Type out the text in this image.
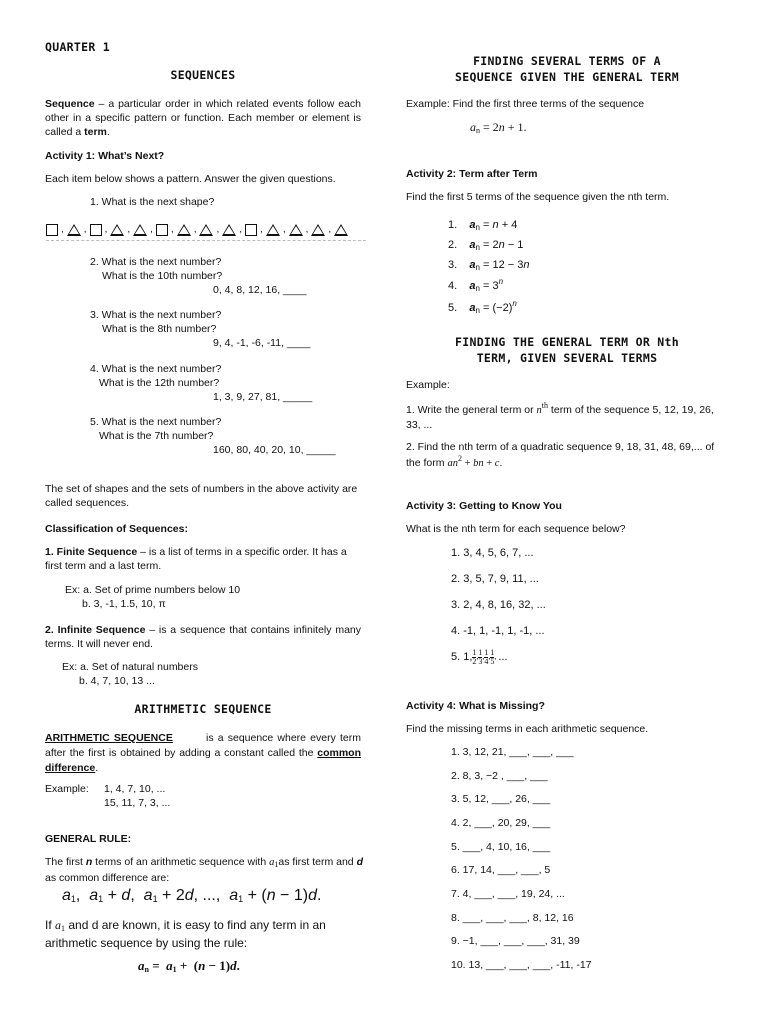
QUARTER 1
SEQUENCES
Sequence – a particular order in which related events follow each other in a specific pattern or function. Each member or element is called a term.
Activity 1: What’s Next?
Each item below shows a pattern. Answer the given questions.
1. What is the next shape?
, , , , , , , , , , , , ,
2. What is the next number?
What is the 10th number?
0, 4, 8, 12, 16, ____
3. What is the next number?
What is the 8th number?
9, 4, -1, -6, -11, ____
4. What is the next number?
What is the 12th number?
1, 3, 9, 27, 81, _____
5. What is the next number?
What is the 7th number?
160, 80, 40, 20, 10, _____
The set of shapes and the sets of numbers in the above activity are called sequences.
Classification of Sequences:
1. Finite Sequence – is a list of terms in a specific order. It has a first term and a last term.
Ex: a. Set of prime numbers below 10
b. 3, -1, 1.5, 10, π
2. Infinite Sequence – is a sequence that contains infinitely many terms. It will never end.
Ex: a. Set of natural numbers
b. 4, 7, 10, 13 ...
ARITHMETIC SEQUENCE
ARITHMETIC SEQUENCE	is a sequence where every term after the first is obtained by adding a constant called the common difference.
Example: 1, 4, 7, 10, ...
15, 11, 7, 3, ...
GENERAL RULE:
The first n terms of an arithmetic sequence with $a_1as$ first term and d as common difference are:
$a_1$,  $a_1 + d$,  $a_1 + 2d$, ...,  $a_1 + (n - 1)d$.
If $a_1$ and d are known, it is easy to find any term in an arithmetic sequence by using the rule:
$a_n = a_1 + (n - 1)d$.
FINDING SEVERAL TERMS OF A
SEQUENCE GIVEN THE GENERAL TERM
Example: Find the first three terms of the sequence
$a_n = 2n + 1$.
Activity 2: Term after Term
Find the first 5 terms of the sequence given the nth term.
1.    $a_n = n + 4$
2.    $a_n = 2n - 1$
3.    $a_n = 12 - 3n$
4.    $a_n = 3^n$
5.    $a_n = (-2)^n$
FINDING THE GENERAL TERM OR Nth
TERM, GIVEN SEVERAL TERMS
Example:
1. Write the general term or $n^{th}$ term of the sequence 5, 12, 19, 26, 33, ...
2. Find the nth term of a quadratic sequence 9, 18, 31, 48, 69,... of the form $an^2$ + bn + c.
Activity 3: Getting to Know You
What is the nth term for each sequence below?
1. 3, 4, 5, 6, 7, ...
2. 3, 5, 7, 9, 11, ...
3. 2, 4, 8, 16, 32, ...
4. -1, 1, -1, 1, -1, ...
5. 1, 1
2
, 1
3
, 1
4
, 1
5
, ...
Activity 4: What is Missing?
Find the missing terms in each arithmetic sequence.
1. 3, 12, 21, ___, ___, ___
2. 8, 3, −2 , ___, ___
3. 5, 12, ___, 26, ___
4. 2, ___, 20, 29, ___
5. ___, 4, 10, 16, ___
6. 17, 14, ___, ___, 5
7. 4, ___, ___, 19, 24, ...
8. ___, ___, ___, 8, 12, 16
9. −1, ___, ___, ___, 31, 39
10. 13, ___, ___, ___, -11, -17
